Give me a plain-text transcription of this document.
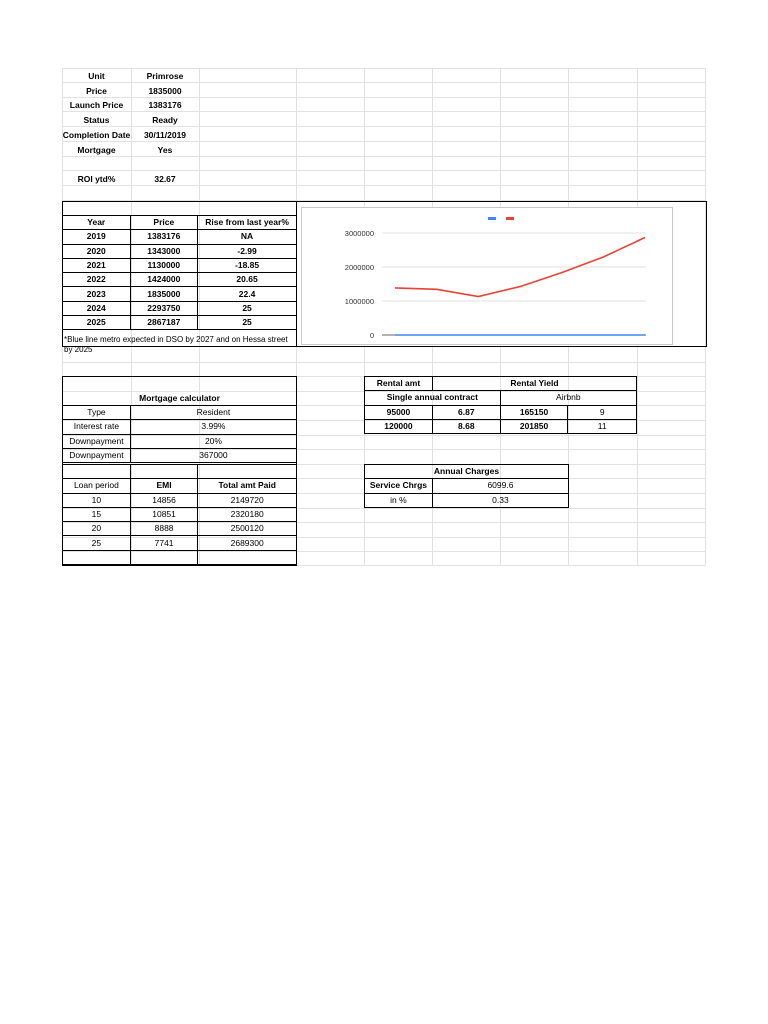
Unit	Primrose
Price	1835000
Launch Price	1383176
Status	Ready
Completion Date	30/11/2019
Mortgage	Yes
ROI ytd%	32.67
Year	Price	Rise from last year%
2019	1383176	NA
2020	1343000	-2.99
2021	1130000	-18.85
2022	1424000	20.65
2023	1835000	22.4
2024	2293750	25
2025	2867187	25
*Blue line metro expected in DSO by 2027 and on Hessa street by 2025
3000000
2000000
1000000
0
Mortgage calculator
Type	Resident
Interest rate	3.99%
Downpayment	20%
Downpayment	367000

Loan period	EMI	Total amt Paid
10	14856	2149720
15	10851	2320180
20	8888	2500120
25	7741	2689300

Rental amt	Rental Yield		
Single annual contract		Airbnb	
95000	6.87	165150	9
120000	8.68	201850	11
Annual Charges	
Service Chrgs	6099.6
in %	0.33
